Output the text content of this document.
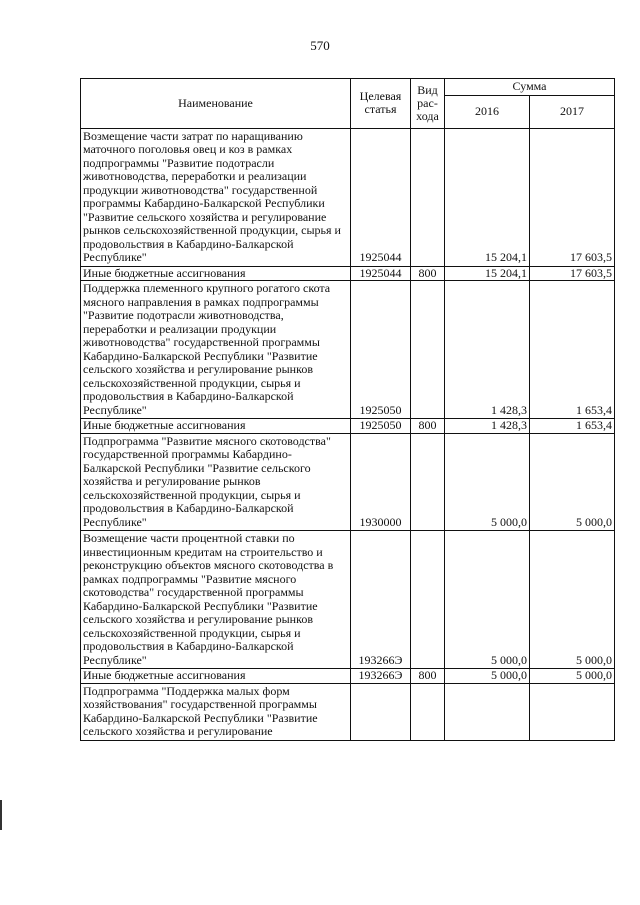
570
Наименование	Целевая статья	Вид рас-хода	Сумма	
			2016	2017
Возмещение части затрат по наращиванию маточного поголовья овец и коз в рамках подпрограммы "Развитие подотрасли животноводства, переработки и реализации продукции животноводства" государственной программы Кабардино-Балкарской Республики "Развитие сельского хозяйства и регулирование рынков сельскохозяйственной продукции, сырья и продовольствия в Кабардино-Балкарской Республике"	1925044		15 204,1	17 603,5
Иные бюджетные ассигнования	1925044	800	15 204,1	17 603,5
Поддержка племенного крупного рогатого скота мясного направления в рамках подпрограммы "Развитие подотрасли животноводства, переработки и реализации продукции животноводства" государственной программы Кабардино-Балкарской Республики "Развитие сельского хозяйства и регулирование рынков сельскохозяйственной продукции, сырья и продовольствия в Кабардино-Балкарской Республике"	1925050		1 428,3	1 653,4
Иные бюджетные ассигнования	1925050	800	1 428,3	1 653,4
Подпрограмма "Развитие мясного скотоводства" государственной программы Кабардино-Балкарской Республики "Развитие сельского хозяйства и регулирование рынков сельскохозяйственной продукции, сырья и продовольствия в Кабардино-Балкарской Республике"	1930000		5 000,0	5 000,0
Возмещение части процентной ставки по инвестиционным кредитам на строительство и реконструкцию объектов мясного скотоводства в рамках подпрограммы "Развитие мясного скотоводства" государственной программы Кабардино-Балкарской Республики "Развитие сельского хозяйства и регулирование рынков сельскохозяйственной продукции, сырья и продовольствия в Кабардино-Балкарской Республике"	193266Э		5 000,0	5 000,0
Иные бюджетные ассигнования	193266Э	800	5 000,0	5 000,0
Подпрограмма "Поддержка малых форм хозяйствования" государственной программы Кабардино-Балкарской Республики "Развитие сельского хозяйства и регулирование				
